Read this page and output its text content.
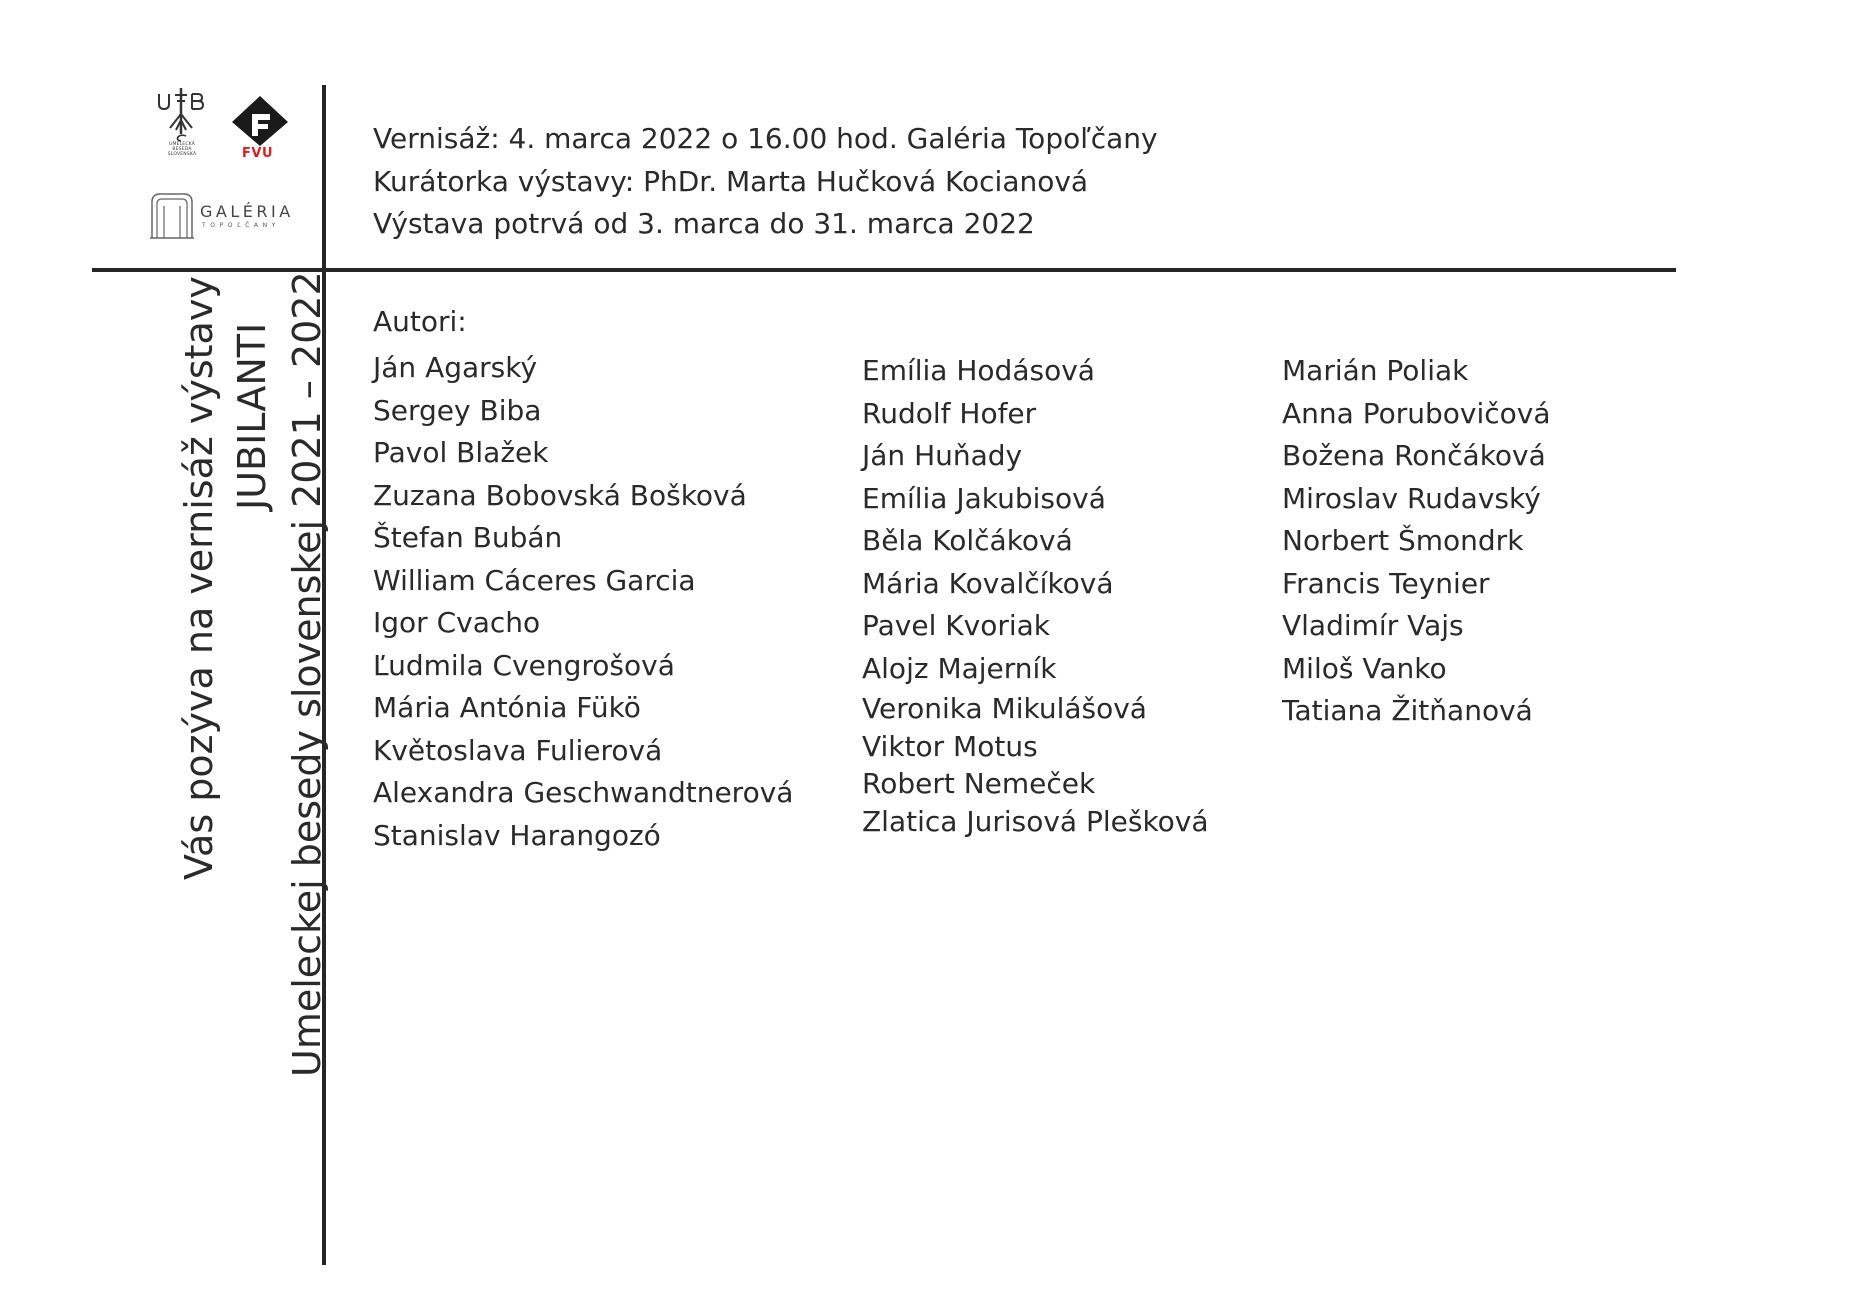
UMELECKÁ
BESEDA
SLOVENSKÁ	FVU
GALÉRIA
TOPOĽČANY
Vernisáž: 4. marca 2022 o 16.00 hod. Galéria Topoľčany
Kurátorka výstavy: PhDr. Marta Hučková Kocianová
Výstava potrvá od 3. marca do 31. marca 2022
Vás pozýva na vernisáž výstavy JUBILANTI Umeleckej besedy slovenskej 2021 – 2022 Autori:
Ján Agarský
Sergey Biba
Pavol Blažek
Zuzana Bobovská Bošková
Štefan Bubán
William Cáceres Garcia
Igor Cvacho
Ľudmila Cvengrošová
Mária Antónia Fükö
Květoslava Fulierová
Alexandra Geschwandtnerová
Stanislav Harangozó
Emília Hodásová
Rudolf Hofer
Ján Huňady
Emília Jakubisová
Běla Kolčáková
Mária Kovalčíková
Pavel Kvoriak
Alojz Majerník
Veronika Mikulášová
Viktor Motus
Robert Nemeček
Zlatica Jurisová Plešková
Marián Poliak
Anna Porubovičová
Božena Rončáková
Miroslav Rudavský
Norbert Šmondrk
Francis Teynier
Vladimír Vajs
Miloš Vanko
Tatiana Žitňanová
